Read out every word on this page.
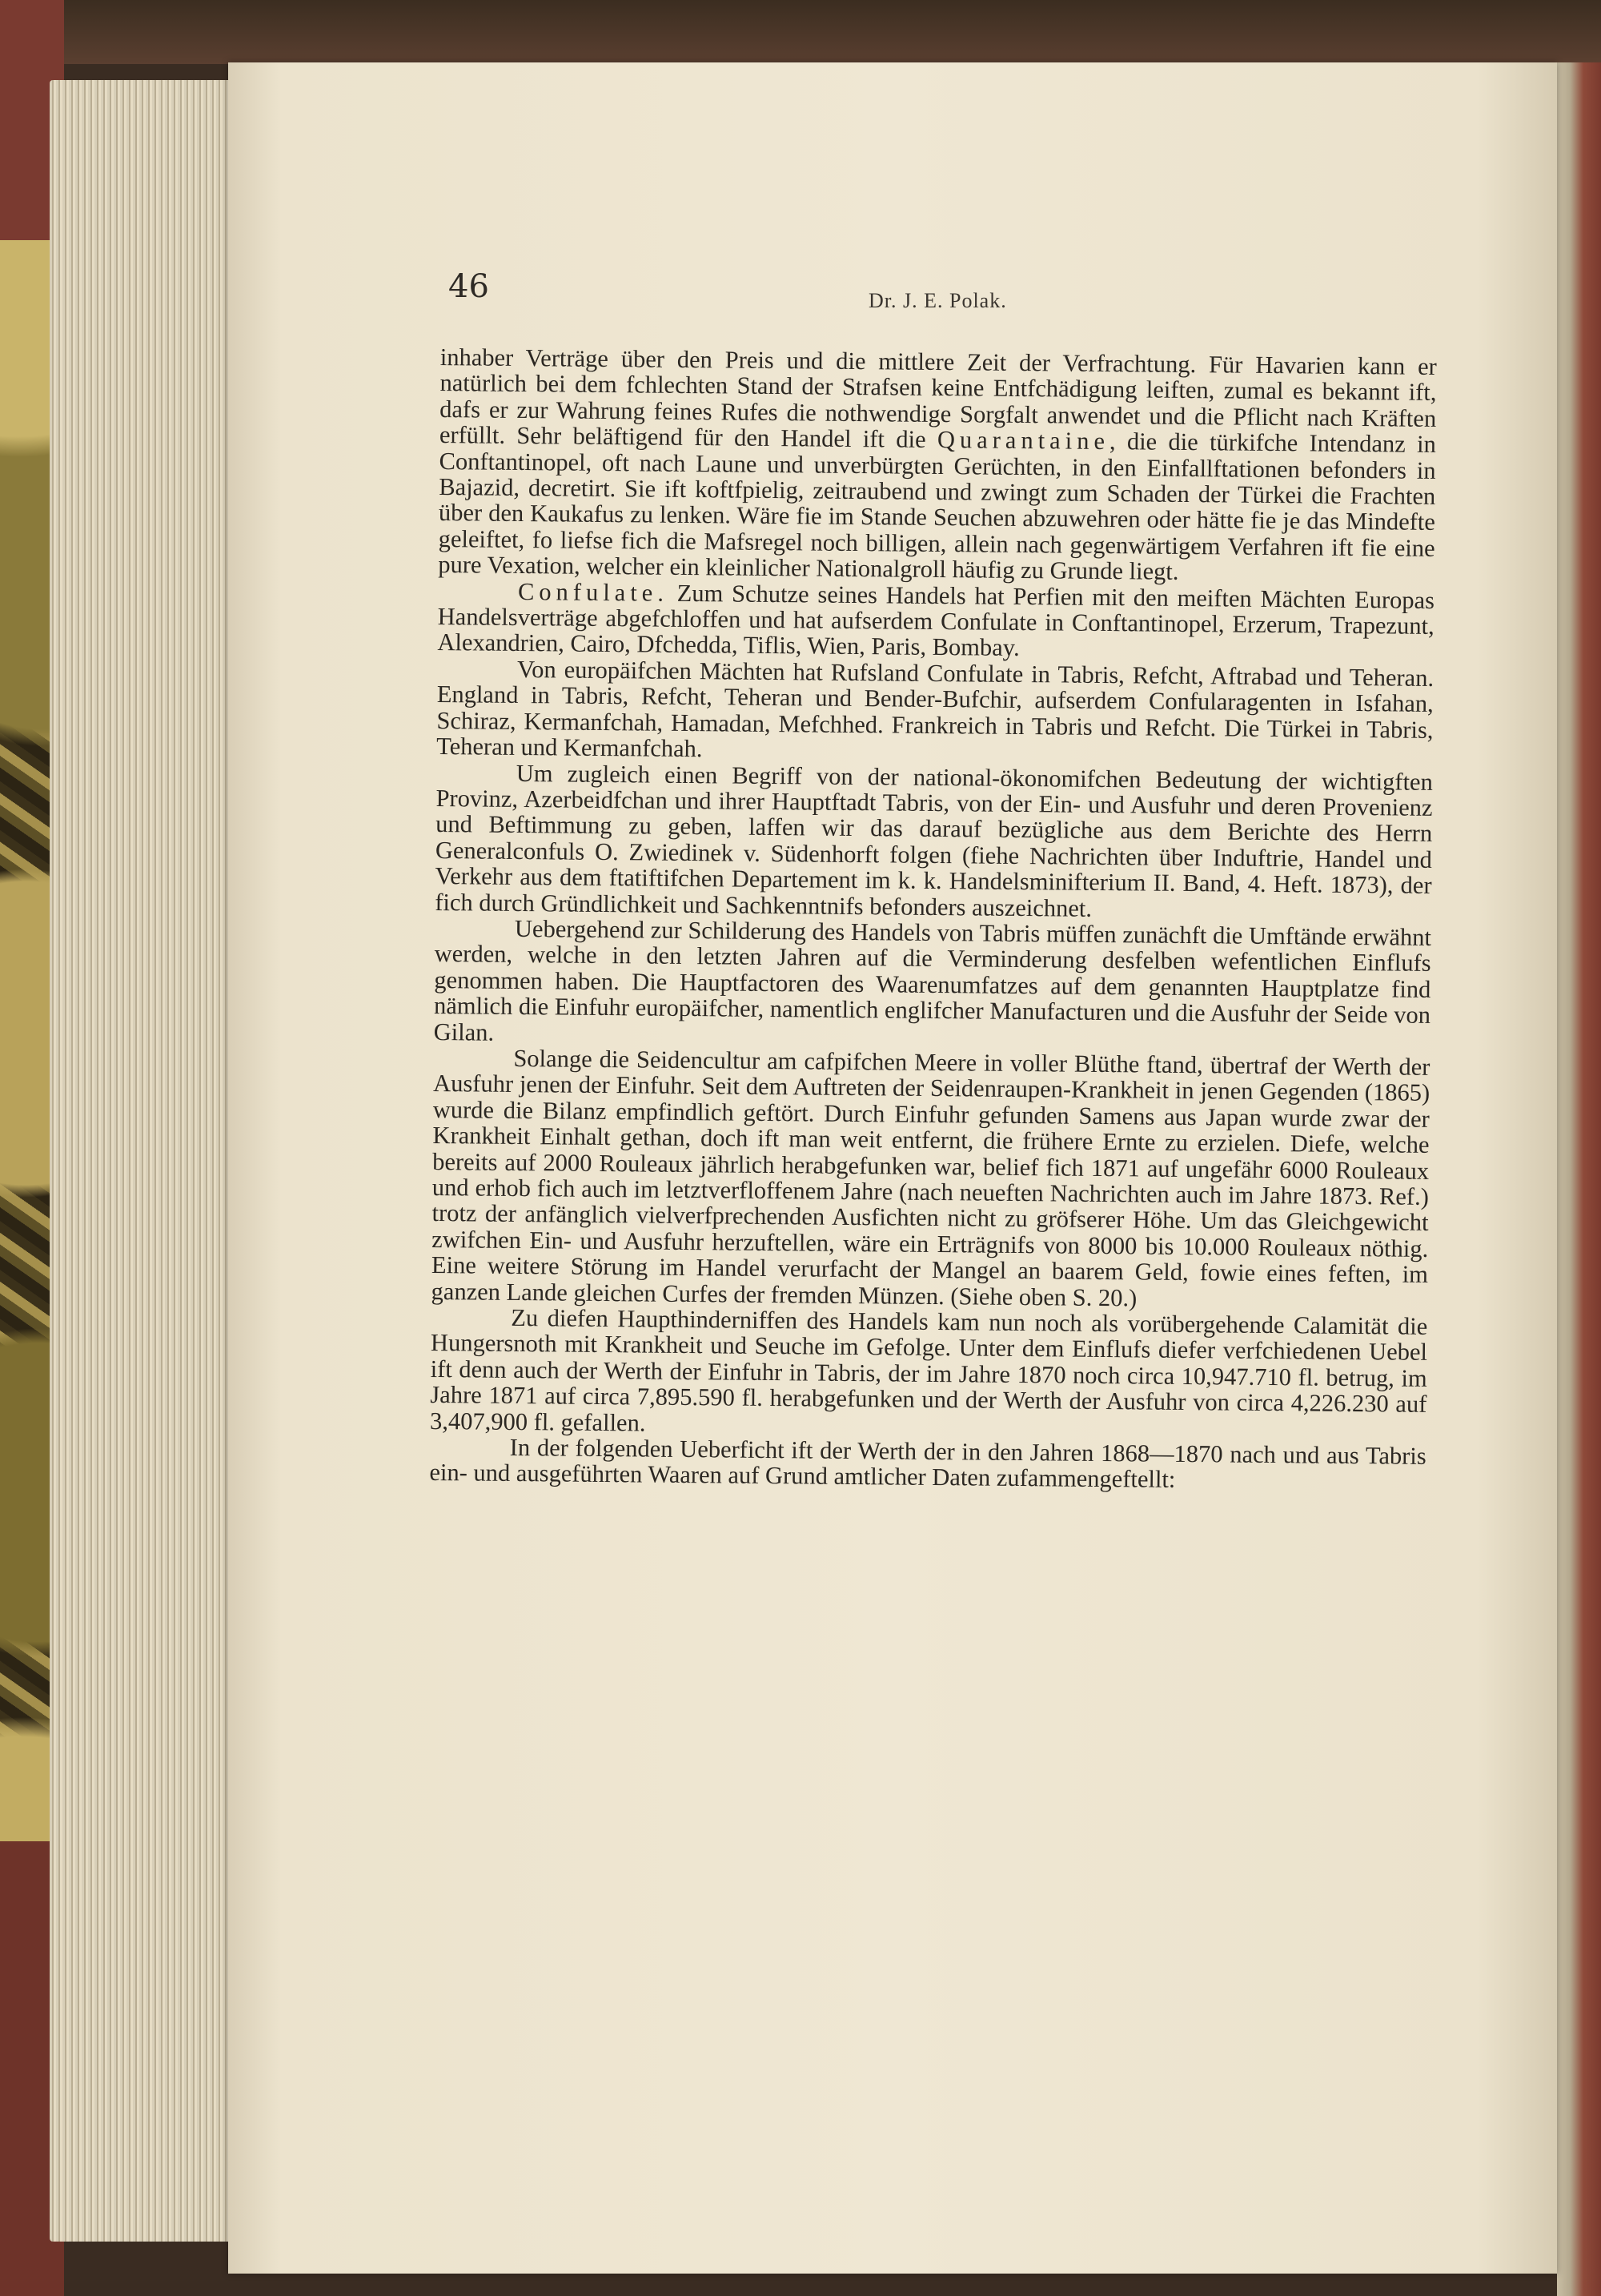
46	Dr. J. E. Polak.

inhaber Verträge über den Preis und die mittlere Zeit der Verfrachtung. Für Havarien kann er natürlich bei dem fchlechten Stand der Strafsen keine Entfchädigung leiften, zumal es bekannt ift, dafs er zur Wahrung feines Rufes die nothwendige Sorgfalt anwendet und die Pflicht nach Kräften erfüllt. Sehr beläftigend für den Handel ift die Quarantaine, die die türkifche Intendanz in Conftantinopel, oft nach Laune und unverbürgten Gerüchten, in den Einfallftationen befonders in Bajazid, decretirt. Sie ift koftfpielig, zeitraubend und zwingt zum Schaden der Türkei die Frachten über den Kaukafus zu lenken. Wäre fie im Stande Seuchen abzuwehren oder hätte fie je das Mindefte geleiftet, fo liefse fich die Mafsregel noch billigen, allein nach gegenwärtigem Verfahren ift fie eine pure Vexation, welcher ein kleinlicher Nationalgroll häufig zu Grunde liegt.

Confulate. Zum Schutze seines Handels hat Perfien mit den meiften Mächten Europas Handelsverträge abgefchloffen und hat aufserdem Confulate in Conftantinopel, Erzerum, Trapezunt, Alexandrien, Cairo, Dfchedda, Tiflis, Wien, Paris, Bombay.

Von europäifchen Mächten hat Rufsland Confulate in Tabris, Refcht, Aftrabad und Teheran. England in Tabris, Refcht, Teheran und Bender-Bufchir, aufserdem Confularagenten in Isfahan, Schiraz, Kermanfchah, Hamadan, Mefchhed. Frankreich in Tabris und Refcht. Die Türkei in Tabris, Teheran und Kermanfchah.

Um zugleich einen Begriff von der national-ökonomifchen Bedeutung der wichtigften Provinz, Azerbeidfchan und ihrer Hauptftadt Tabris, von der Ein- und Ausfuhr und deren Provenienz und Beftimmung zu geben, laffen wir das darauf bezügliche aus dem Berichte des Herrn Generalconfuls O. Zwiedinek v. Südenhorft folgen (fiehe Nachrichten über Induftrie, Handel und Verkehr aus dem ftatiftifchen Departement im k. k. Handelsminifterium II. Band, 4. Heft. 1873), der fich durch Gründlichkeit und Sachkenntnifs befonders auszeichnet.

Uebergehend zur Schilderung des Handels von Tabris müffen zunächft die Umftände erwähnt werden, welche in den letzten Jahren auf die Verminderung desfelben wefentlichen Einflufs genommen haben. Die Hauptfactoren des Waarenumfatzes auf dem genannten Hauptplatze find nämlich die Einfuhr europäifcher, namentlich englifcher Manufacturen und die Ausfuhr der Seide von Gilan.

Solange die Seidencultur am cafpifchen Meere in voller Blüthe ftand, übertraf der Werth der Ausfuhr jenen der Einfuhr. Seit dem Auftreten der Seidenraupen-Krankheit in jenen Gegenden (1865) wurde die Bilanz empfindlich geftört. Durch Einfuhr gefunden Samens aus Japan wurde zwar der Krankheit Einhalt gethan, doch ift man weit entfernt, die frühere Ernte zu erzielen. Diefe, welche bereits auf 2000 Rouleaux jährlich herabgefunken war, belief fich 1871 auf ungefähr 6000 Rouleaux und erhob fich auch im letztverfloffenem Jahre (nach neueften Nachrichten auch im Jahre 1873. Ref.) trotz der anfänglich vielverfprechenden Ausfichten nicht zu gröfserer Höhe. Um das Gleichgewicht zwifchen Ein- und Ausfuhr herzuftellen, wäre ein Erträgnifs von 8000 bis 10.000 Rouleaux nöthig. Eine weitere Störung im Handel verurfacht der Mangel an baarem Geld, fowie eines feften, im ganzen Lande gleichen Curfes der fremden Münzen. (Siehe oben S. 20.)

Zu diefen Haupthinderniffen des Handels kam nun noch als vorübergehende Calamität die Hungersnoth mit Krankheit und Seuche im Gefolge. Unter dem Einflufs diefer verfchiedenen Uebel ift denn auch der Werth der Einfuhr in Tabris, der im Jahre 1870 noch circa 10,947.710 fl. betrug, im Jahre 1871 auf circa 7,895.590 fl. herabgefunken und der Werth der Ausfuhr von circa 4,226.230 auf 3,407,900 fl. gefallen.

In der folgenden Ueberficht ift der Werth der in den Jahren 1868—1870 nach und aus Tabris ein- und ausgeführten Waaren auf Grund amtlicher Daten zufammengeftellt:
